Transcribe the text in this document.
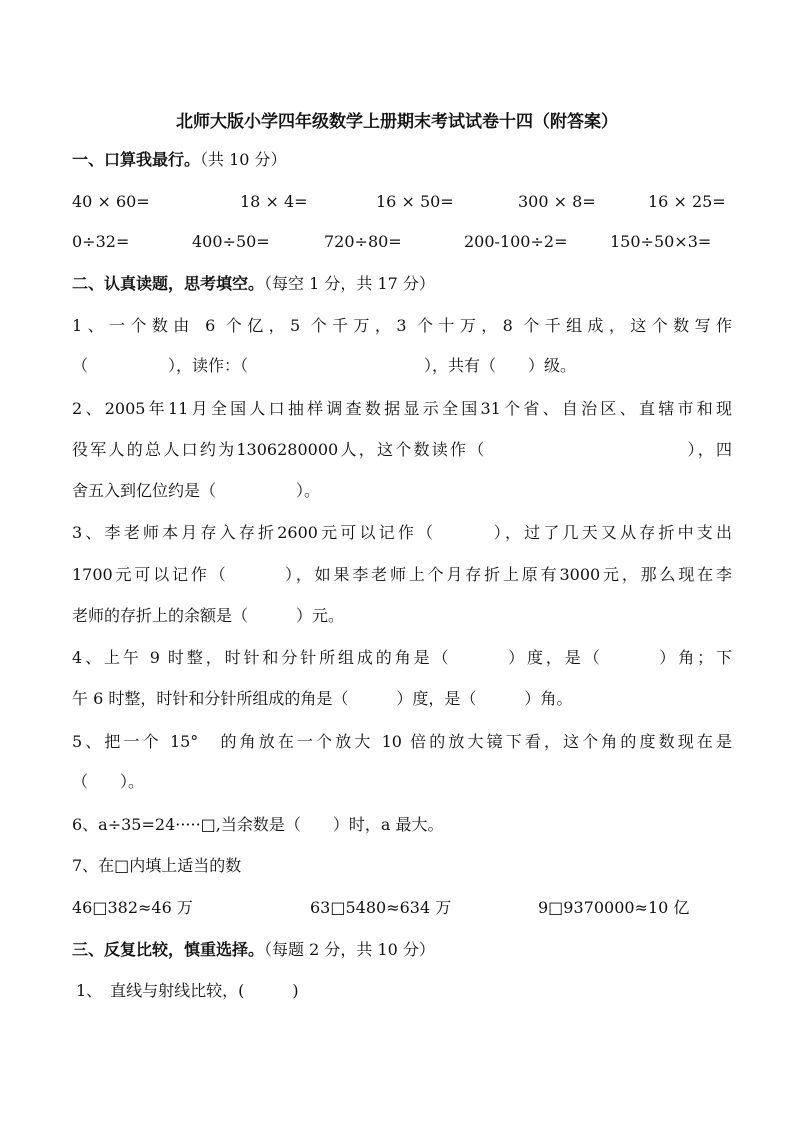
北师大版小学四年级数学上册期末考试试卷十四（附答案）
一、口算我最行。（共 10 分）
40 × 60=	18 × 4=	16 × 50=	300 × 8=	16 × 25=
0÷32=	400÷50=	720÷80=	200-100÷2=	150÷50×3=
二、认真读题，思考填空。（每空 1 分，共 17 分）
1、一个数由 6 个亿，5 个千万，3 个十万，8 个千组成，这个数写作
（　　　　　），读作：（　　　　　　　　　　　），共有（　　）级。
2、2005年11月全国人口抽样调查数据显示全国31个省、自治区、直辖市和现
役军人的总人口约为1306280000人，这个数读作（　　　　　　　　　　　），四
舍五入到亿位约是（　　　　　）。
3、李老师本月存入存折2600元可以记作（　　　），过了几天又从存折中支出
1700元可以记作（　　　），如果李老师上个月存折上原有3000元，那么现在李
老师的存折上的余额是（　　　）元。
4、上午 9 时整，时针和分针所组成的角是（　　　）度，是（　　　）角；下
午 6 时整，时针和分针所组成的角是（　　　）度，是（　　　）角。
5、把一个 15°　的角放在一个放大 10 倍的放大镜下看，这个角的度数现在是
（　　）。
6、a÷35=24·····□,当余数是（　　）时，a 最大。
7、在□内填上适当的数
46□382≈46 万	63□5480≈634 万	9□9370000≈10 亿
三、反复比较，慎重选择。（每题 2 分，共 10 分）
1、　直线与射线比较，(　　　)
